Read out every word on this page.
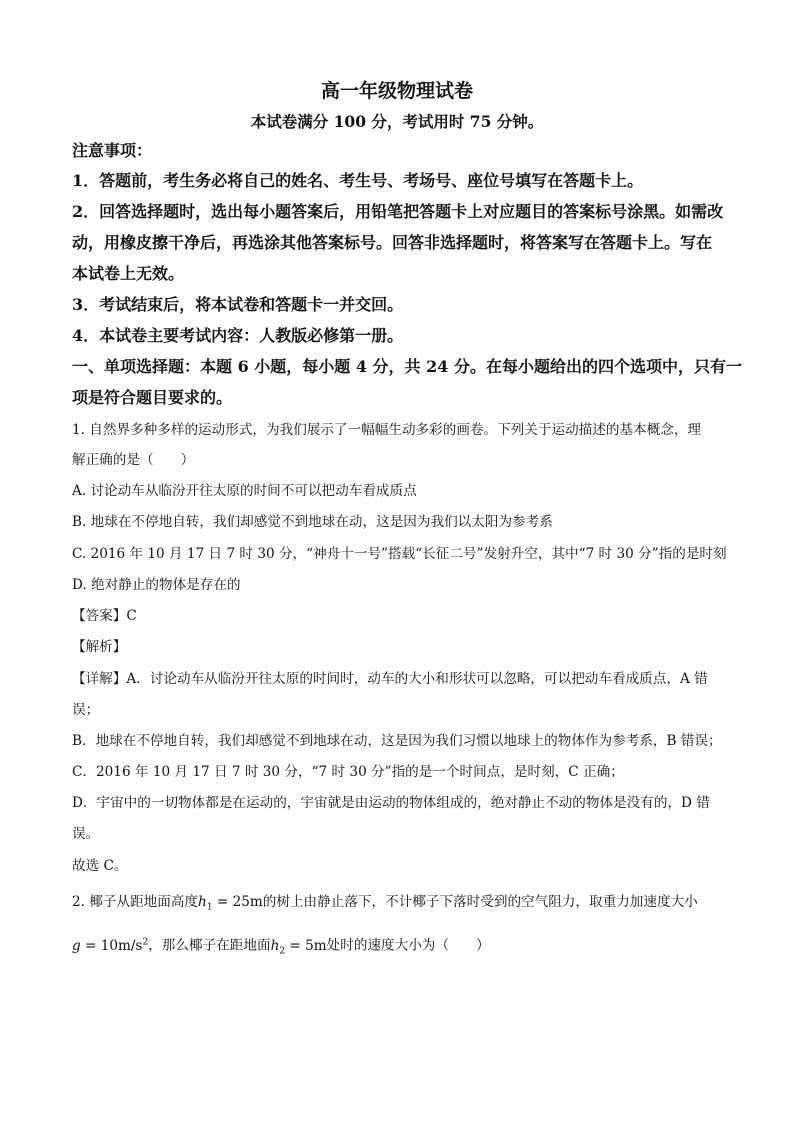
高一年级物理试卷
本试卷满分 100 分，考试用时 75 分钟。
注意事项：
1．答题前，考生务必将自己的姓名、考生号、考场号、座位号填写在答题卡上。
2．回答选择题时，选出每小题答案后，用铅笔把答题卡上对应题目的答案标号涂黑。如需改
动，用橡皮擦干净后，再选涂其他答案标号。回答非选择题时，将答案写在答题卡上。写在
本试卷上无效。
3．考试结束后，将本试卷和答题卡一并交回。
4．本试卷主要考试内容：人教版必修第一册。
一、单项选择题：本题 6 小题，每小题 4 分，共 24 分。在每小题给出的四个选项中，只有一
项是符合题目要求的。
1. 自然界多种多样的运动形式，为我们展示了一幅幅生动多彩的画卷。下列关于运动描述的基本概念，理
解正确的是（　　）
A. 讨论动车从临汾开往太原的时间不可以把动车看成质点
B. 地球在不停地自转，我们却感觉不到地球在动，这是因为我们以太阳为参考系
C. 2016 年 10 月 17 日 7 时 30 分，“神舟十一号”搭载“长征二号”发射升空，其中“7 时 30 分”指的是时刻
D. 绝对静止的物体是存在的
【答案】C
【解析】
【详解】A．讨论动车从临汾开往太原的时间时，动车的大小和形状可以忽略，可以把动车看成质点，A 错
误；
B．地球在不停地自转，我们却感觉不到地球在动，这是因为我们习惯以地球上的物体作为参考系，B 错误；
C．2016 年 10 月 17 日 7 时 30 分，“7 时 30 分”指的是一个时间点，是时刻，C 正确；
D．宇宙中的一切物体都是在运动的，宇宙就是由运动的物体组成的，绝对静止不动的物体是没有的，D 错
误。
故选 C。
2. 椰子从距地面高度$h_1 = 25m$的树上由静止落下，不计椰子下落时受到的空气阻力，取重力加速度大小
$g = 10m/s^2$，那么椰子在距地面$h_2 = 5m$处时的速度大小为（　　）
